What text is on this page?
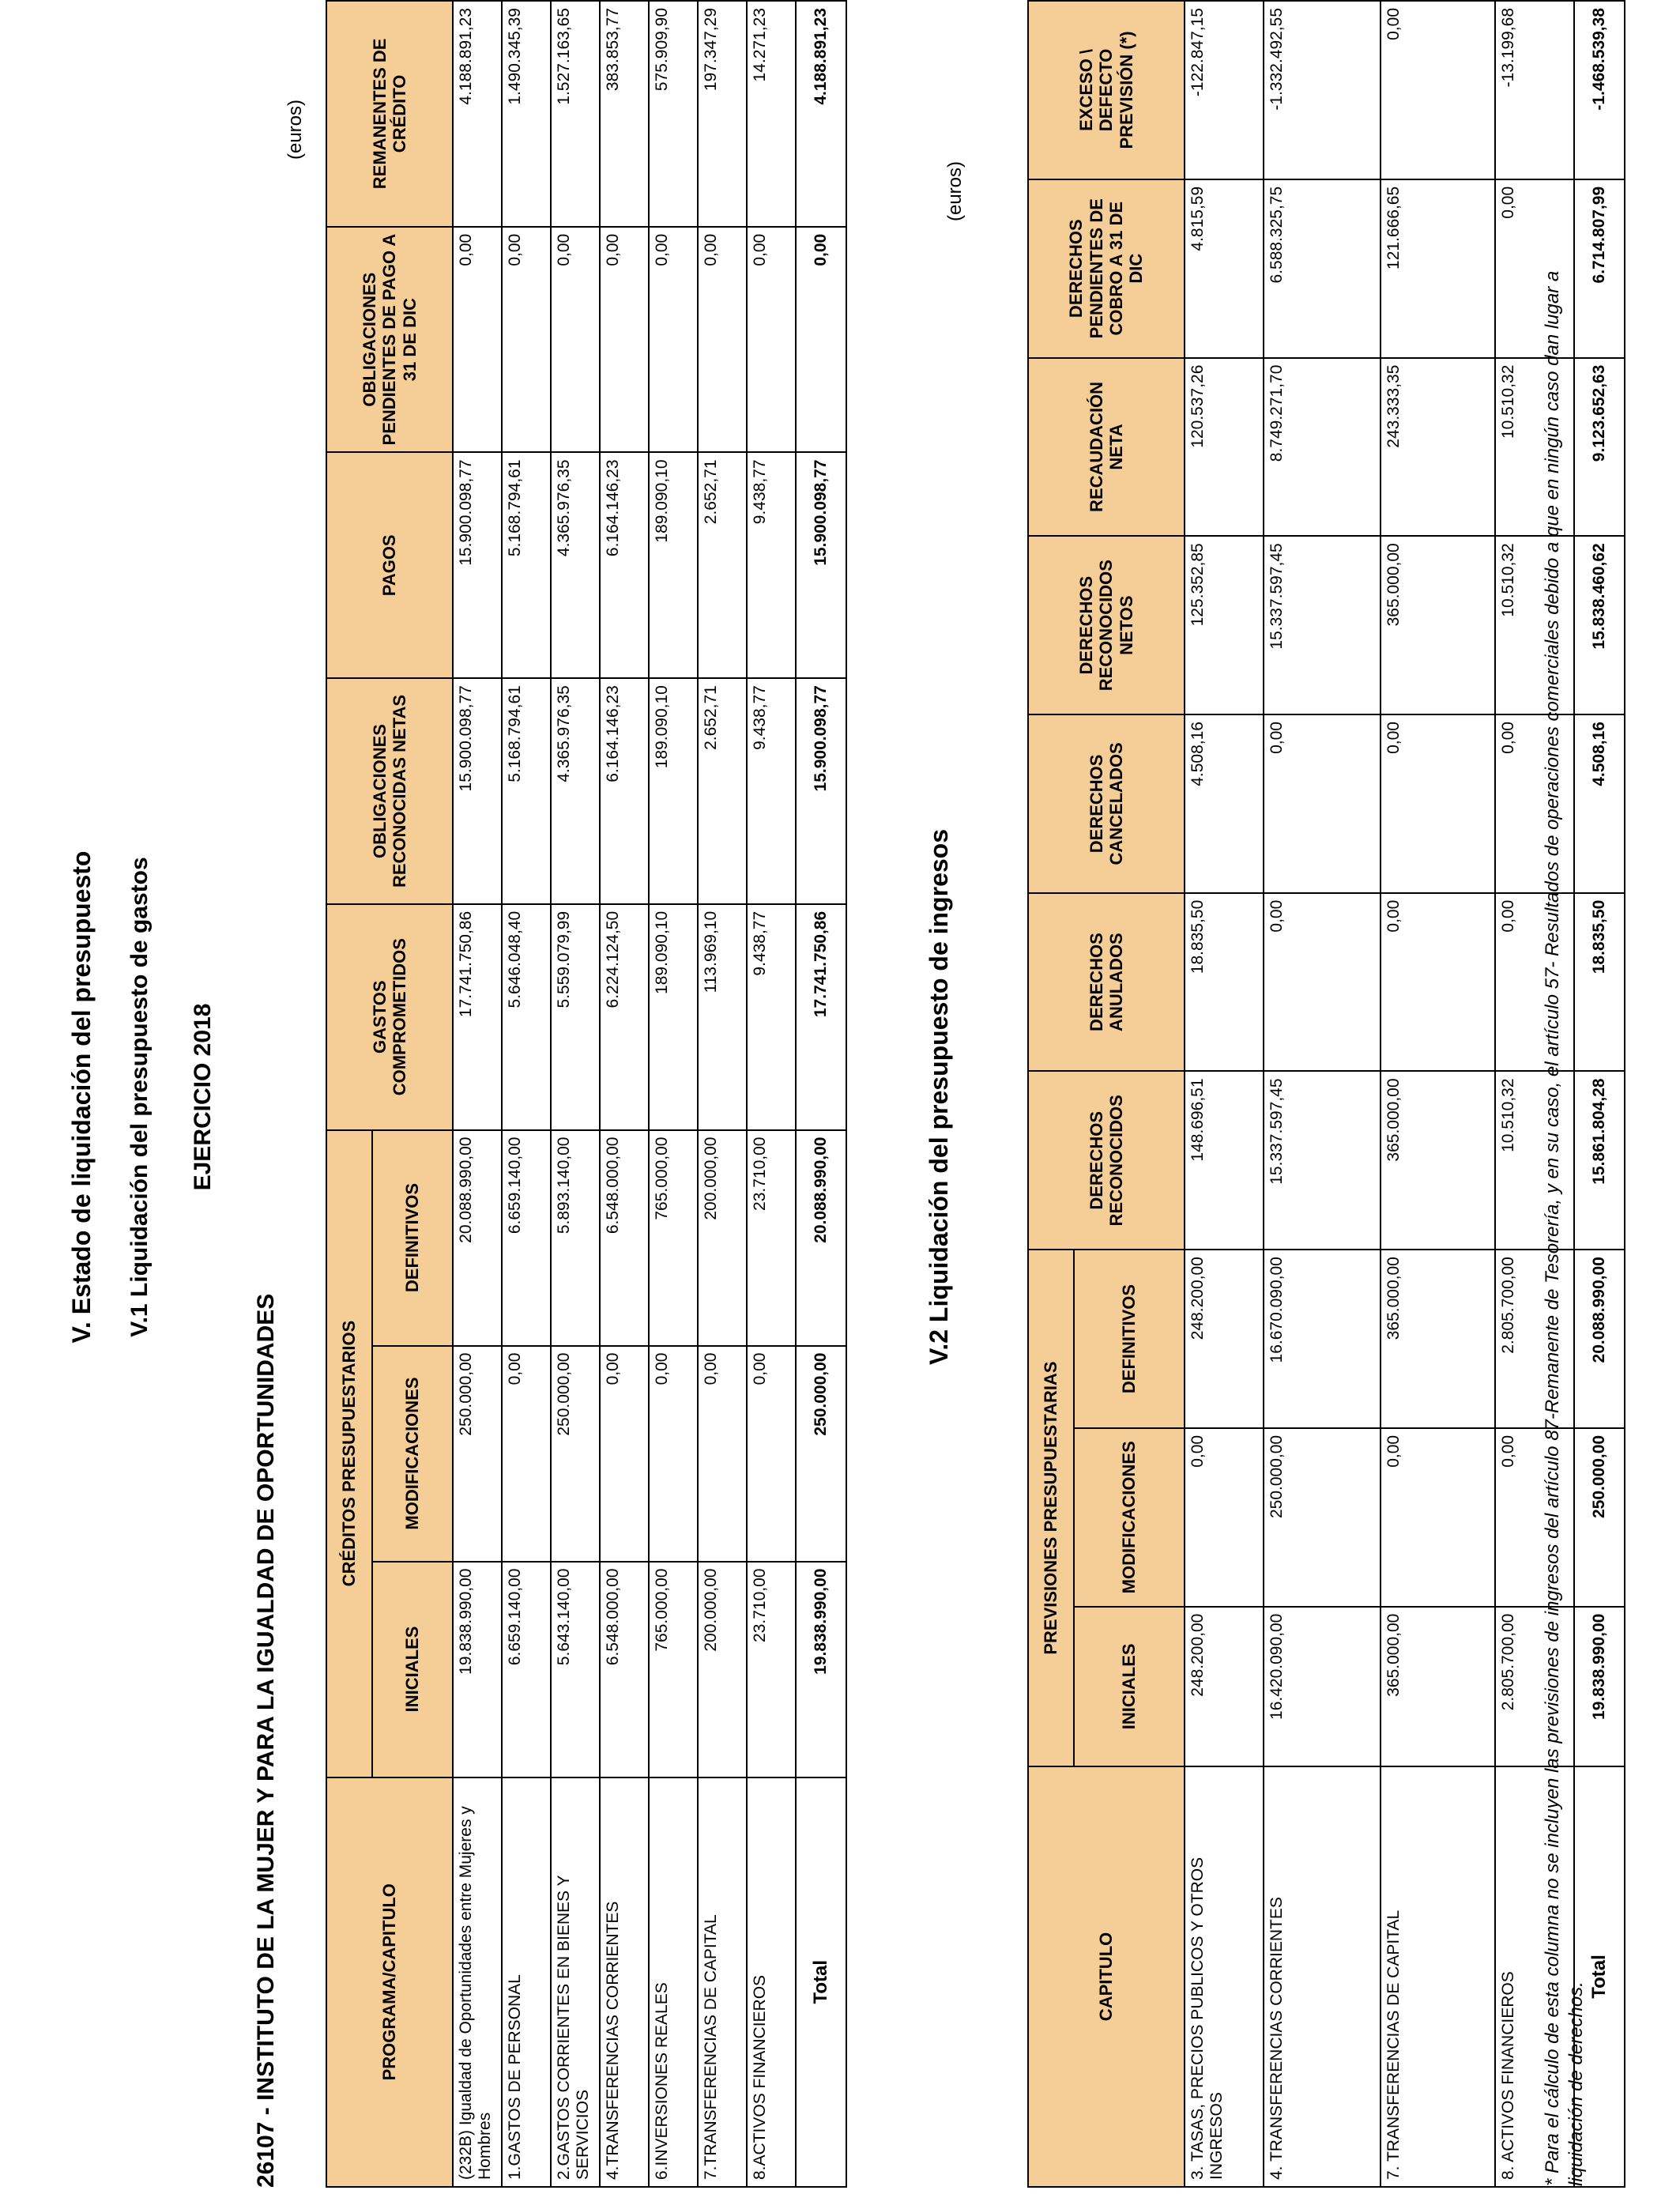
V. Estado de liquidación del presupuesto V.1 Liquidación del presupuesto de gastos EJERCICIO 2018
26107 - INSTITUTO DE LA MUJER Y PARA LA IGUALDAD DE OPORTUNIDADES
(euros)
PROGRAMA/CAPITULO	CRÉDITOS PRESUPUESTARIOS			GASTOS COMPROMETIDOS	OBLIGACIONES RECONOCIDAS NETAS	PAGOS	OBLIGACIONES PENDIENTES DE PAGO A 31 DE DIC	REMANENTES DE CRÉDITO
	INICIALES	MODIFICACIONES	DEFINITIVOS					
(232B) Igualdad de Oportunidades entre Mujeres y Hombres	19.838.990,00	250.000,00	20.088.990,00	17.741.750,86	15.900.098,77	15.900.098,77	0,00	4.188.891,23
1.GASTOS DE PERSONAL	6.659.140,00	0,00	6.659.140,00	5.646.048,40	5.168.794,61	5.168.794,61	0,00	1.490.345,39
2.GASTOS CORRIENTES EN BIENES Y SERVICIOS	5.643.140,00	250.000,00	5.893.140,00	5.559.079,99	4.365.976,35	4.365.976,35	0,00	1.527.163,65
4.TRANSFERENCIAS CORRIENTES	6.548.000,00	0,00	6.548.000,00	6.224.124,50	6.164.146,23	6.164.146,23	0,00	383.853,77
6.INVERSIONES REALES	765.000,00	0,00	765.000,00	189.090,10	189.090,10	189.090,10	0,00	575.909,90
7.TRANSFERENCIAS DE CAPITAL	200.000,00	0,00	200.000,00	113.969,10	2.652,71	2.652,71	0,00	197.347,29
8.ACTIVOS FINANCIEROS	23.710,00	0,00	23.710,00	9.438,77	9.438,77	9.438,77	0,00	14.271,23
Total	19.838.990,00	250.000,00	20.088.990,00	17.741.750,86	15.900.098,77	15.900.098,77	0,00	4.188.891,23
V.2 Liquidación del presupuesto de ingresos
(euros)
CAPITULO	PREVISIONES PRESUPUESTARIAS			DERECHOS RECONOCIDOS	DERECHOS ANULADOS	DERECHOS CANCELADOS	DERECHOS RECONOCIDOS NETOS	RECAUDACIÓN NETA	DERECHOS PENDIENTES DE COBRO A 31 DE DIC	EXCESO \ DEFECTO PREVISIÓN (*)
	INICIALES	MODIFICACIONES	DEFINITIVOS							
3. TASAS, PRECIOS PUBLICOS Y OTROS INGRESOS	248.200,00	0,00	248.200,00	148.696,51	18.835,50	4.508,16	125.352,85	120.537,26	4.815,59	-122.847,15
4. TRANSFERENCIAS CORRIENTES	16.420.090,00	250.000,00	16.670.090,00	15.337.597,45	0,00	0,00	15.337.597,45	8.749.271,70	6.588.325,75	-1.332.492,55
7. TRANSFERENCIAS DE CAPITAL	365.000,00	0,00	365.000,00	365.000,00	0,00	0,00	365.000,00	243.333,35	121.666,65	0,00
8. ACTIVOS FINANCIEROS	2.805.700,00	0,00	2.805.700,00	10.510,32	0,00	0,00	10.510,32	10.510,32	0,00	-13.199,68
Total	19.838.990,00	250.000,00	20.088.990,00	15.861.804,28	18.835,50	4.508,16	15.838.460,62	9.123.652,63	6.714.807,99	-1.468.539,38
* Para el cálculo de esta columna no se incluyen las previsiones de ingresos del artículo 87-Remanente de Tesorería, y en su caso, el artículo 57- Resultados de operaciones comerciales debido a que en ningún caso dan lugar a liquidación de derechos.
